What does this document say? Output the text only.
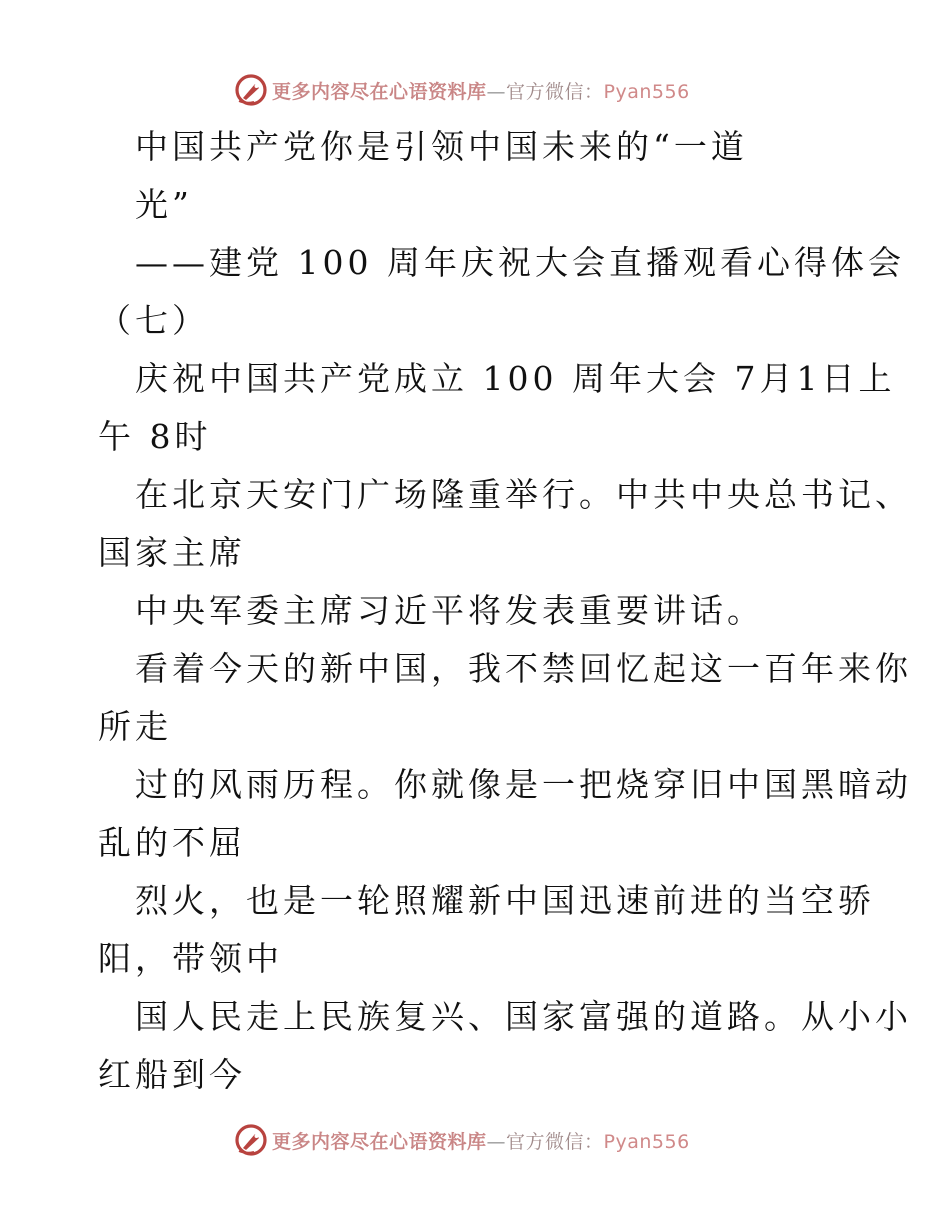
更多内容尽在心语资料库—官方微信：Pyan556
中国共产党你是引领中国未来的“一道
光”
——建党 100 周年庆祝大会直播观看心得体会
（七）
庆祝中国共产党成立 100 周年大会 7月1日上
午 8时
在北京天安门广场隆重举行。中共中央总书记、
国家主席
中央军委主席习近平将发表重要讲话。
看着今天的新中国，我不禁回忆起这一百年来你
所走
过的风雨历程。你就像是一把烧穿旧中国黑暗动
乱的不屈
烈火，也是一轮照耀新中国迅速前进的当空骄
阳，带领中
国人民走上民族复兴、国家富强的道路。从小小
红船到今
更多内容尽在心语资料库—官方微信：Pyan556
